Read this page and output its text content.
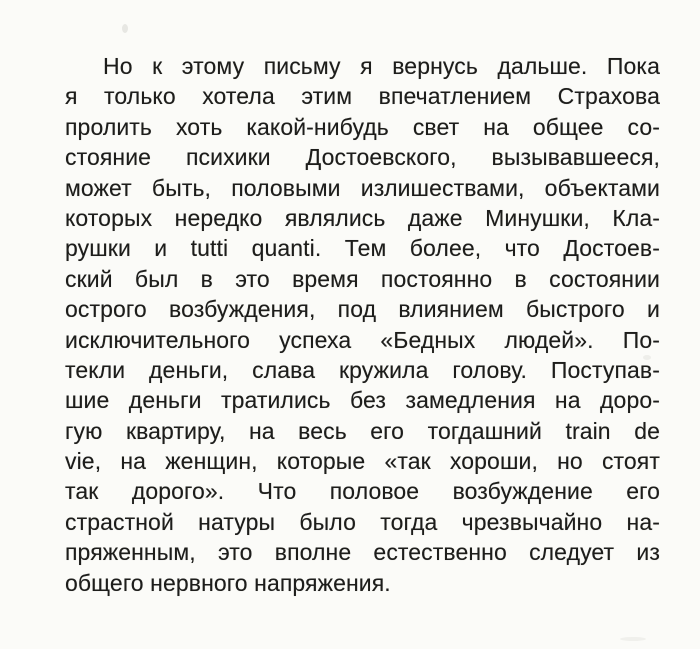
Но к этому письму я вернусь дальше. Пока

я только хотела этим впечатлением Страхова

пролить хоть какой-нибудь свет на общее со-

стояние психики Достоевского, вызывавшееся,

может быть, половыми излишествами, объектами

которых нередко являлись даже Минушки, Кла-

рушки и tutti quanti. Тем более, что Достоев-

ский был в это время постоянно в состоянии

острого возбуждения, под влиянием быстрого и

исключительного успеха «Бедных людей». По-

текли деньги, слава кружила голову. Поступав-

шие деньги тратились без замедления на доро-

гую квартиру, на весь его тогдашний train de

vie, на женщин, которые «так хороши, но стоят

так дорого». Что половое возбуждение его

страстной натуры было тогда чрезвычайно на-

пряженным, это вполне естественно следует из

общего нервного напряжения.
